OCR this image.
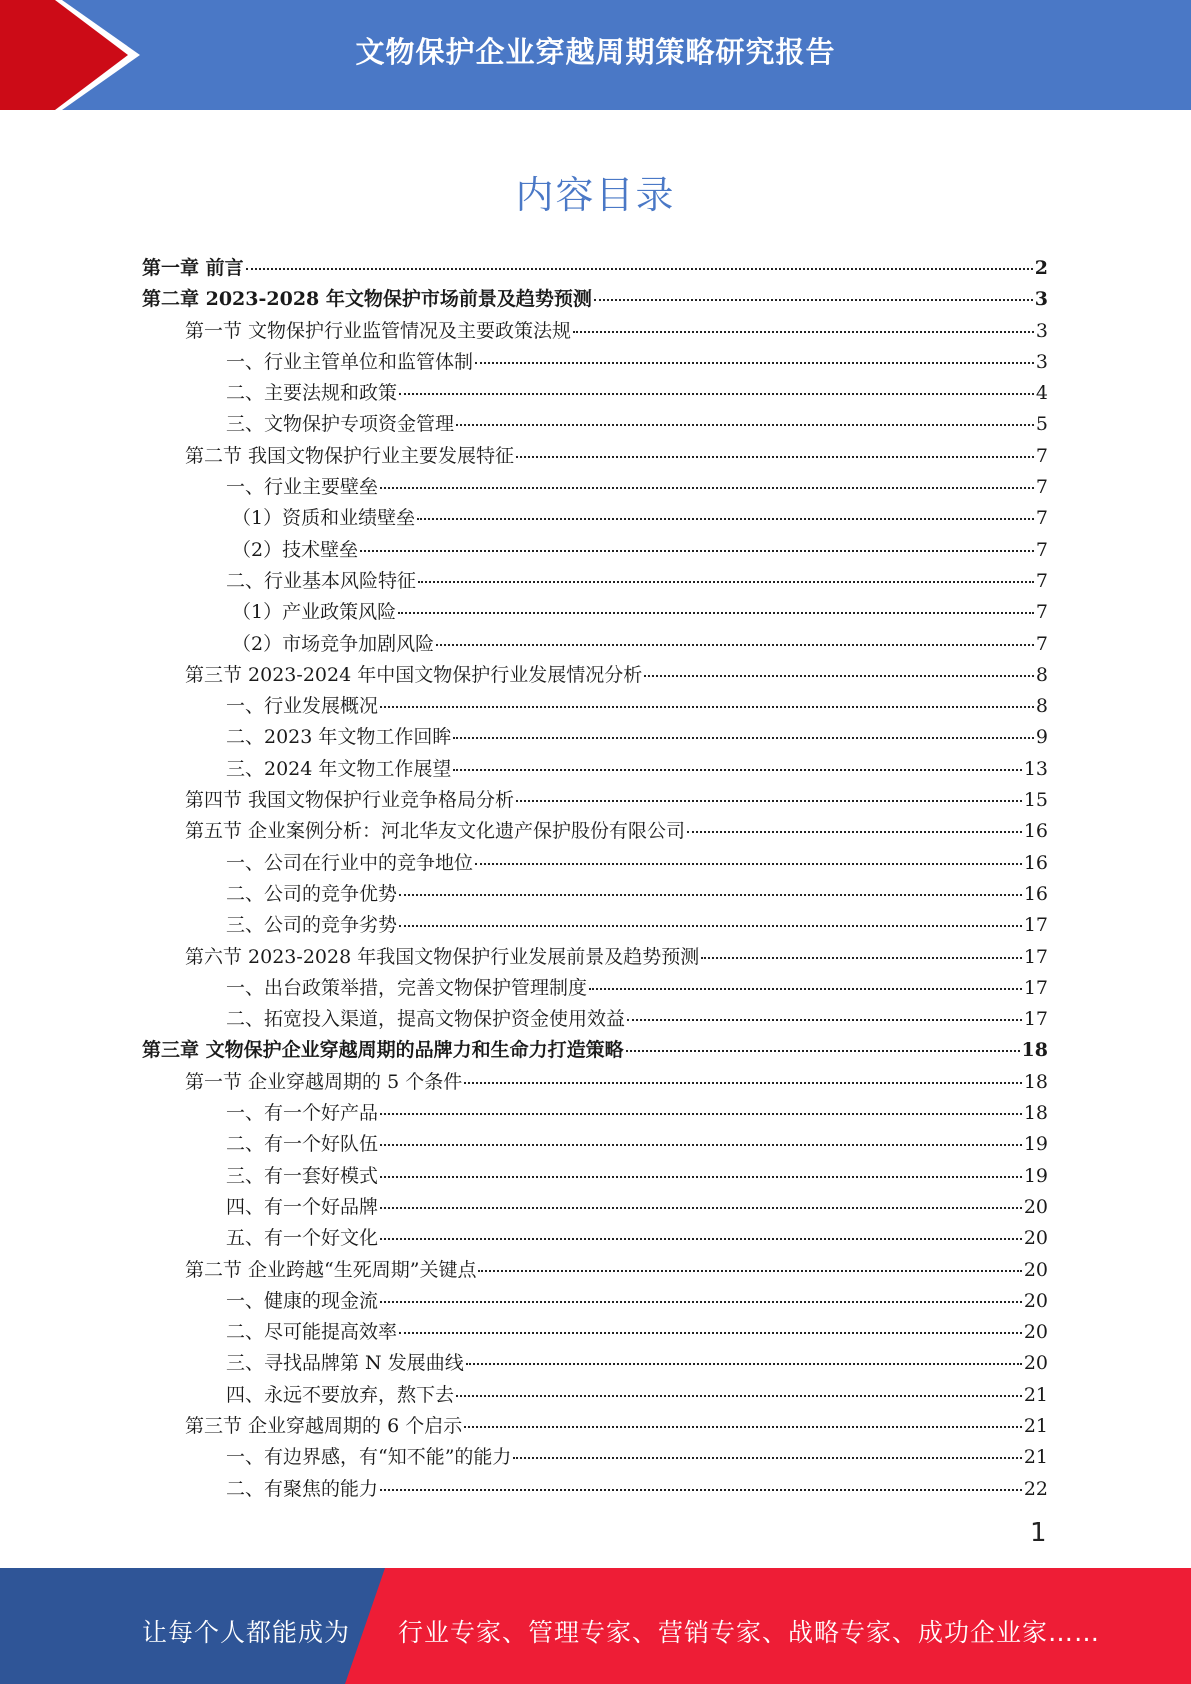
文物保护企业穿越周期策略研究报告
内容目录
第一章 前言	2
第二章 2023-2028 年文物保护市场前景及趋势预测	3
第一节 文物保护行业监管情况及主要政策法规	3
一、行业主管单位和监管体制	3
二、主要法规和政策	4
三、文物保护专项资金管理	5
第二节 我国文物保护行业主要发展特征	7
一、行业主要壁垒	7
（1）资质和业绩壁垒	7
（2）技术壁垒	7
二、行业基本风险特征	7
（1）产业政策风险	7
（2）市场竞争加剧风险	7
第三节 2023-2024 年中国文物保护行业发展情况分析	8
一、行业发展概况	8
二、2023 年文物工作回眸	9
三、2024 年文物工作展望	13
第四节 我国文物保护行业竞争格局分析	15
第五节 企业案例分析：河北华友文化遗产保护股份有限公司	16
一、公司在行业中的竞争地位	16
二、公司的竞争优势	16
三、公司的竞争劣势	17
第六节 2023-2028 年我国文物保护行业发展前景及趋势预测	17
一、出台政策举措，完善文物保护管理制度	17
二、拓宽投入渠道，提高文物保护资金使用效益	17
第三章 文物保护企业穿越周期的品牌力和生命力打造策略	18
第一节 企业穿越周期的 5 个条件	18
一、有一个好产品	18
二、有一个好队伍	19
三、有一套好模式	19
四、有一个好品牌	20
五、有一个好文化	20
第二节 企业跨越“生死周期”关键点	20
一、健康的现金流	20
二、尽可能提高效率	20
三、寻找品牌第 N 发展曲线	20
四、永远不要放弃，熬下去	21
第三节 企业穿越周期的 6 个启示	21
一、有边界感，有“知不能”的能力	21
二、有聚焦的能力	22
1
让每个人都能成为 行业专家、管理专家、营销专家、战略专家、成功企业家……
